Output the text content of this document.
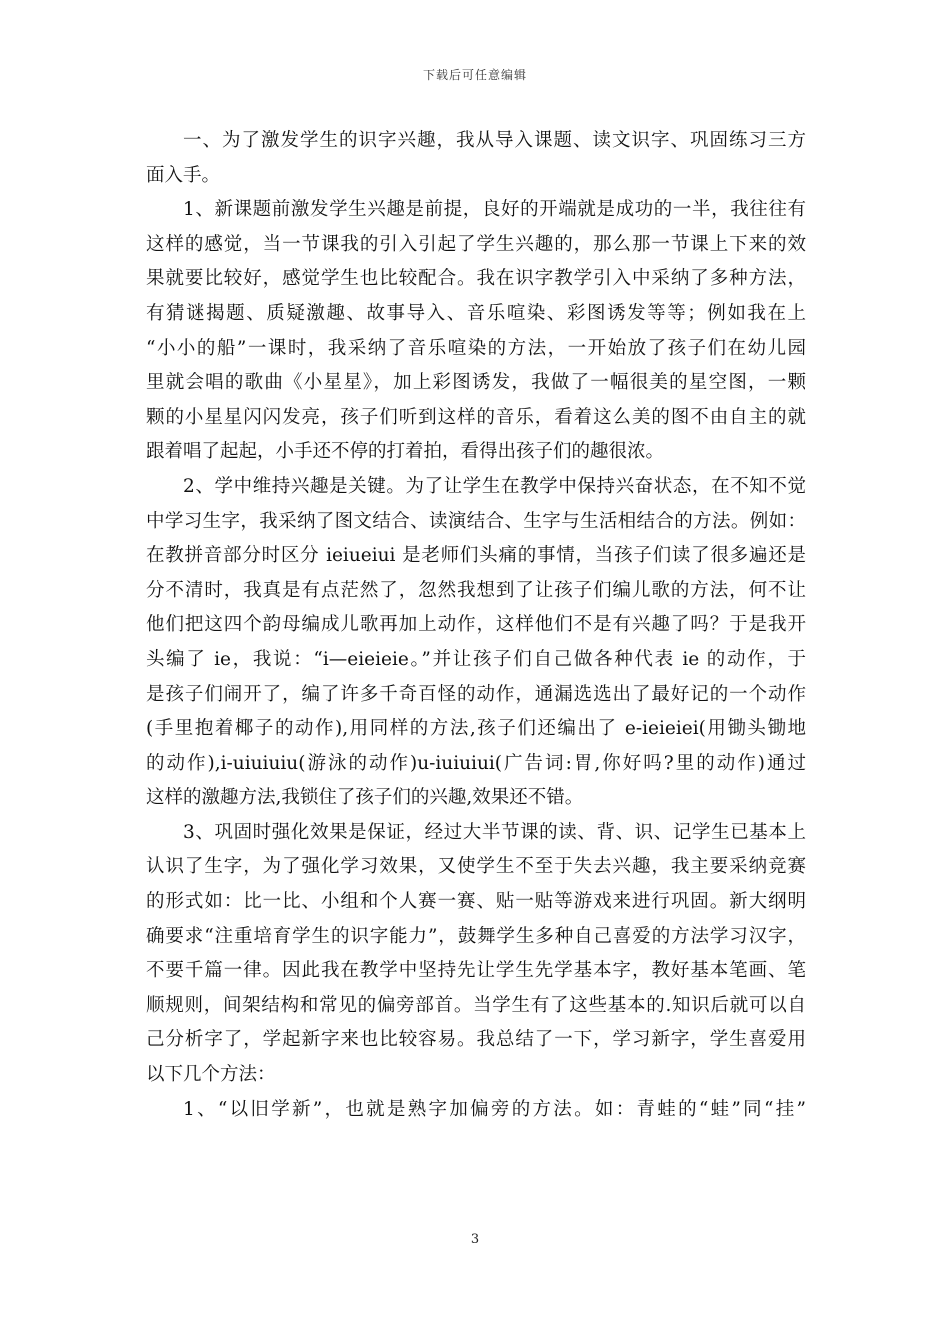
下载后可任意编辑
一、为了激发学生的识字兴趣，我从导入课题、读文识字、巩固练习三方
面入手。
1、新课题前激发学生兴趣是前提，良好的开端就是成功的一半，我往往有
这样的感觉，当一节课我的引入引起了学生兴趣的，那么那一节课上下来的效
果就要比较好，感觉学生也比较配合。我在识字教学引入中采纳了多种方法，
有猜谜揭题、质疑激趣、故事导入、音乐喧染、彩图诱发等等；例如我在上
“小小的船”一课时，我采纳了音乐喧染的方法，一开始放了孩子们在幼儿园
里就会唱的歌曲《小星星》，加上彩图诱发，我做了一幅很美的星空图，一颗
颗的小星星闪闪发亮，孩子们听到这样的音乐，看着这么美的图不由自主的就
跟着唱了起起，小手还不停的打着拍，看得出孩子们的趣很浓。
2、学中维持兴趣是关键。为了让学生在教学中保持兴奋状态，在不知不觉
中学习生字，我采纳了图文结合、读演结合、生字与生活相结合的方法。例如：
在教拼音部分时区分 ieiueiui 是老师们头痛的事情，当孩子们读了很多遍还是
分不清时，我真是有点茫然了，忽然我想到了让孩子们编儿歌的方法，何不让
他们把这四个韵母编成儿歌再加上动作，这样他们不是有兴趣了吗？于是我开
头编了 ie，我说：“i—eieieie。”并让孩子们自己做各种代表 ie 的动作，于
是孩子们闹开了，编了许多千奇百怪的动作，通漏选选出了最好记的一个动作
(手里抱着椰子的动作),用同样的方法,孩子们还编出了 e-ieieiei(用锄头锄地
的动作),i-uiuiuiu(游泳的动作)u-iuiuiui(广告词:胃,你好吗?里的动作)通过
这样的激趣方法,我锁住了孩子们的兴趣,效果还不错。
3、巩固时强化效果是保证，经过大半节课的读、背、识、记学生已基本上
认识了生字，为了强化学习效果，又使学生不至于失去兴趣，我主要采纳竞赛
的形式如：比一比、小组和个人赛一赛、贴一贴等游戏来进行巩固。新大纲明
确要求“注重培育学生的识字能力”，鼓舞学生多种自己喜爱的方法学习汉字，
不要千篇一律。因此我在教学中坚持先让学生先学基本字，教好基本笔画、笔
顺规则，间架结构和常见的偏旁部首。当学生有了这些基本的.知识后就可以自
己分析字了，学起新字来也比较容易。我总结了一下，学习新字，学生喜爱用
以下几个方法：
1、“以旧学新”，也就是熟字加偏旁的方法。如：青蛙的“蛙”同“挂”
3
